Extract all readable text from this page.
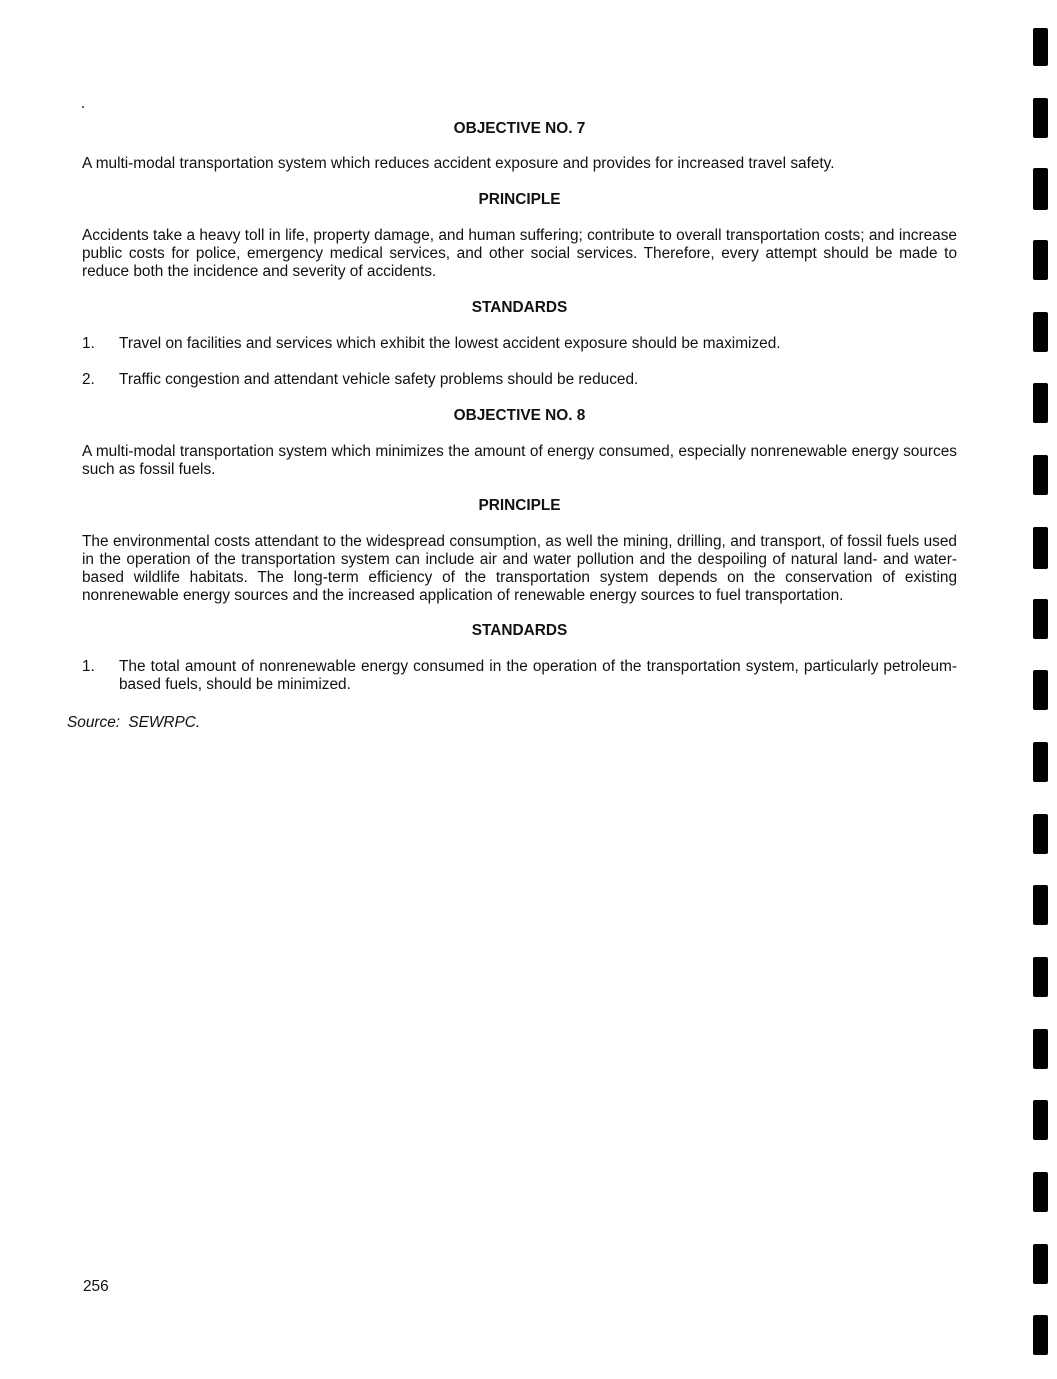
OBJECTIVE NO. 7
A multi-modal transportation system which reduces accident exposure and provides for increased travel safety.
PRINCIPLE
Accidents take a heavy toll in life, property damage, and human suffering; contribute to overall transportation costs; and increase public costs for police, emergency medical services, and other social services. Therefore, every attempt should be made to reduce both the incidence and severity of accidents.
STANDARDS
1.	Travel on facilities and services which exhibit the lowest accident exposure should be maximized.
2.	Traffic congestion and attendant vehicle safety problems should be reduced.
OBJECTIVE NO. 8
A multi-modal transportation system which minimizes the amount of energy consumed, especially nonrenewable energy sources such as fossil fuels.
PRINCIPLE
The environmental costs attendant to the widespread consumption, as well the mining, drilling, and transport, of fossil fuels used in the operation of the transportation system can include air and water pollution and the despoiling of natural land- and water-based wildlife habitats. The long-term efficiency of the transportation system depends on the conservation of existing nonrenewable energy sources and the increased application of renewable energy sources to fuel transportation.
STANDARDS
1.	The total amount of nonrenewable energy consumed in the operation of the transportation system, particularly petroleum-based fuels, should be minimized.
Source: SEWRPC.
256
